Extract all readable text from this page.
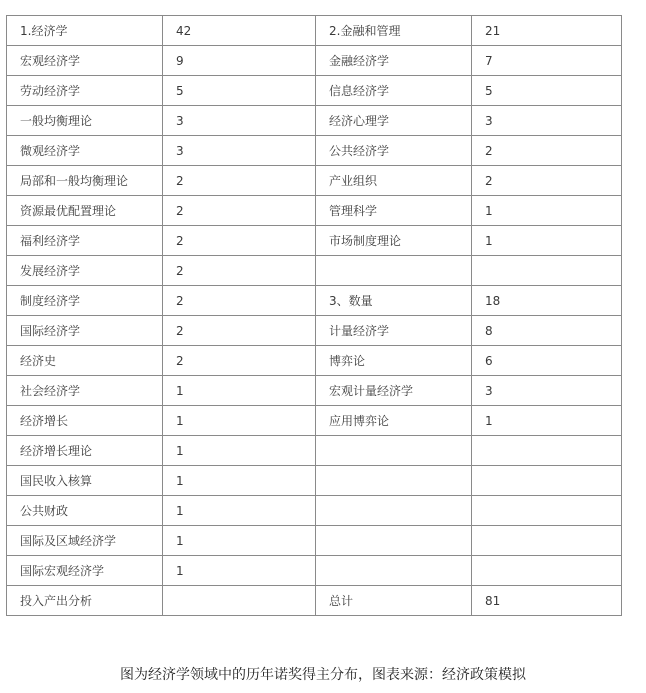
1.经济学	42	2.金融和管理	21
宏观经济学	9	金融经济学	7
劳动经济学	5	信息经济学	5
一般均衡理论	3	经济心理学	3
微观经济学	3	公共经济学	2
局部和一般均衡理论	2	产业组织	2
资源最优配置理论	2	管理科学	1
福利经济学	2	市场制度理论	1
发展经济学	2		
制度经济学	2	3、数量	18
国际经济学	2	计量经济学	8
经济史	2	博弈论	6
社会经济学	1	宏观计量经济学	3
经济增长	1	应用博弈论	1
经济增长理论	1		
国民收入核算	1		
公共财政	1		
国际及区域经济学	1		
国际宏观经济学	1		
投入产出分析		总计	81
图为经济学领域中的历年诺奖得主分布，图表来源：经济政策模拟
